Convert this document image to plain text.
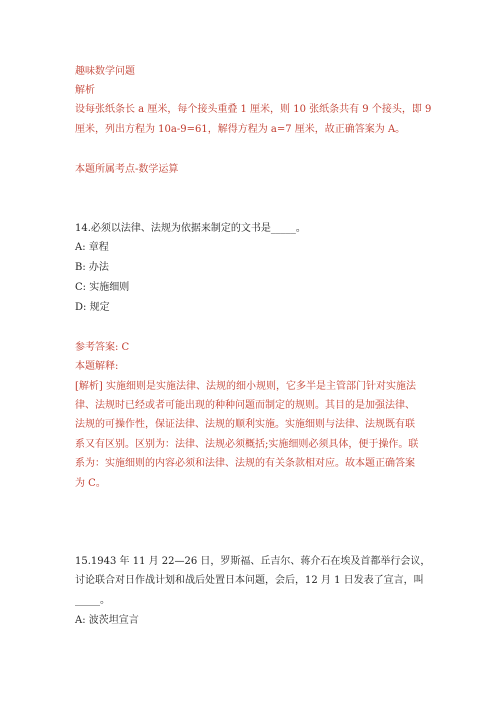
趣味数学问题
解析
设每张纸条长 a 厘米，每个接头重叠 1 厘米，则 10 张纸条共有 9 个接头，即 9
厘米，列出方程为 10a-9=61，解得方程为 a=7 厘米，故正确答案为 A。
本题所属考点-数学运算
14.必须以法律、法规为依据来制定的文书是_____。
A: 章程
B: 办法
C: 实施细则
D: 规定
参考答案: C
本题解释:
[解析] 实施细则是实施法律、法规的细小规则，它多半是主管部门针对实施法
律、法规时已经或者可能出现的种种问题而制定的规则。其目的是加强法律、
法规的可操作性，保证法律、法规的顺利实施。实施细则与法律、法规既有联
系又有区别。区别为：法律、法规必须概括;实施细则必须具体，便于操作。联
系为：实施细则的内容必须和法律、法规的有关条款相对应。故本题正确答案
为 C。
15.1943 年 11 月 22—26 日，罗斯福、丘吉尔、蒋介石在埃及首都举行会议，
讨论联合对日作战计划和战后处置日本问题，会后，12 月 1 日发表了宣言，叫
_____。
A: 波茨坦宣言
